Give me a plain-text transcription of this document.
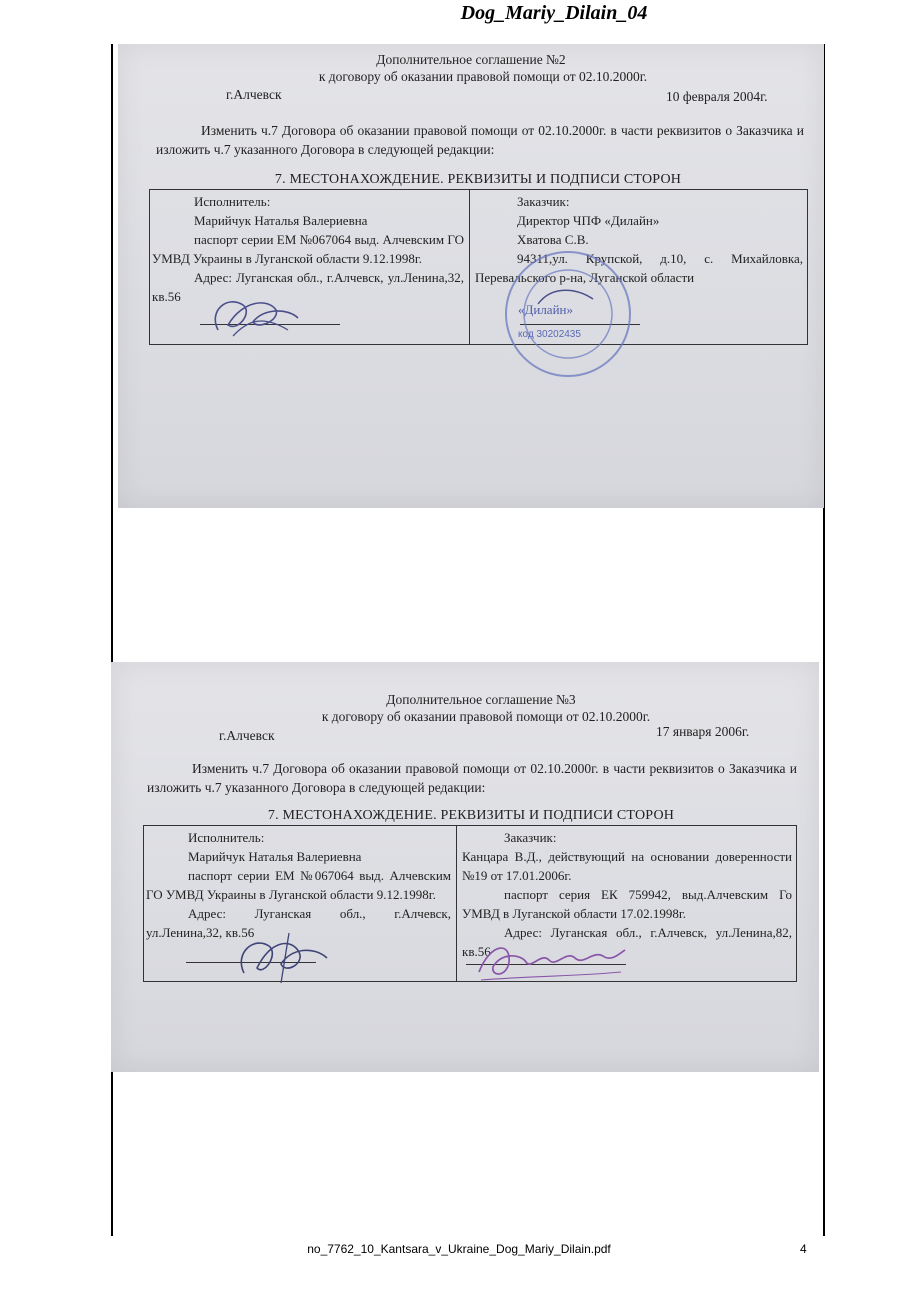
Dog_Mariy_Dilain_04
Дополнительное соглашение №2
к договору об оказании правовой помощи от 02.10.2000г.
г.Алчевск	10 февраля 2004г.
Изменить ч.7 Договора об оказании правовой помощи от 02.10.2000г. в части реквизитов о Заказчика и изложить ч.7 указанного Договора в следующей редакции:
7. МЕСТОНАХОЖДЕНИЕ. РЕКВИЗИТЫ И ПОДПИСИ СТОРОН

Исполнитель:

Марийчук Наталья Валериевна

паспорт серии ЕМ №067064 выд. Алчевским ГО УМВД Украины в Луганской области 9.12.1998г.

Адрес: Луганская обл., г.Алчевск, ул.Ленина,32, кв.56

Заказчик:

Директор ЧПФ «Дилайн»

Хватова С.В.

94311,ул. Крупской, д.10, с. Михайловка, Перевальского р-на, Луганской области

«Дилайн»
код 30202435
Дополнительное соглашение №3
к договору об оказании правовой помощи от 02.10.2000г.
г.Алчевск	17 января 2006г.
Изменить ч.7 Договора об оказании правовой помощи от 02.10.2000г. в части реквизитов о Заказчика и изложить ч.7 указанного Договора в следующей редакции:
7. МЕСТОНАХОЖДЕНИЕ. РЕКВИЗИТЫ И ПОДПИСИ СТОРОН

Исполнитель:

Марийчук Наталья Валериевна

паспорт серии ЕМ №067064 выд. Алчевским ГО УМВД Украины в Луганской области 9.12.1998г.

Адрес: Луганская обл., г.Алчевск, ул.Ленина,32, кв.56

Заказчик:

Канцара В.Д., действующий на основании доверенности №19 от 17.01.2006г.

паспорт серия ЕК 759942, выд.Алчевским Го УМВД в Луганской области 17.02.1998г.

Адрес: Луганская обл., г.Алчевск, ул.Ленина,82, кв.56

no_7762_10_Kantsara_v_Ukraine_Dog_Mariy_Dilain.pdf	4
